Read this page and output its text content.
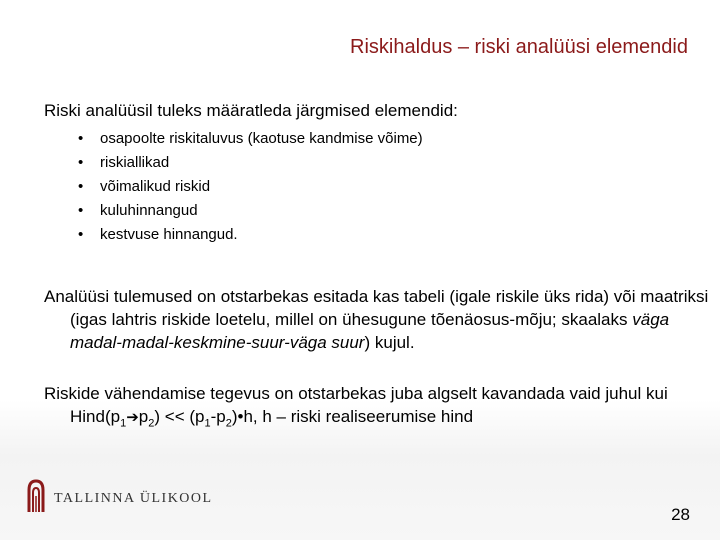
Riskihaldus – riski analüüsi elemendid
Riski analüüsil tuleks määratleda järgmised elemendid:
• osapoolte riskitaluvus (kaotuse kandmise võime)
• riskiallikad
• võimalikud riskid
• kuluhinnangud
• kestvuse hinnangud.
Analüüsi tulemused on otstarbekas esitada kas tabeli (igale riskile üks rida) või maatriksi (igas lahtris riskide loetelu, millel on ühesugune tõenäosus-mõju; skaalaks väga madal-madal-keskmine-suur-väga suur) kujul.
Riskide vähendamise tegevus on otstarbekas juba algselt kavandada vaid juhul kui $Hind(p_1➔p_2)$ << $(p_1-p_2)•h$, h – riski realiseerumise hind
TALLINNA ÜLIKOOL
28
